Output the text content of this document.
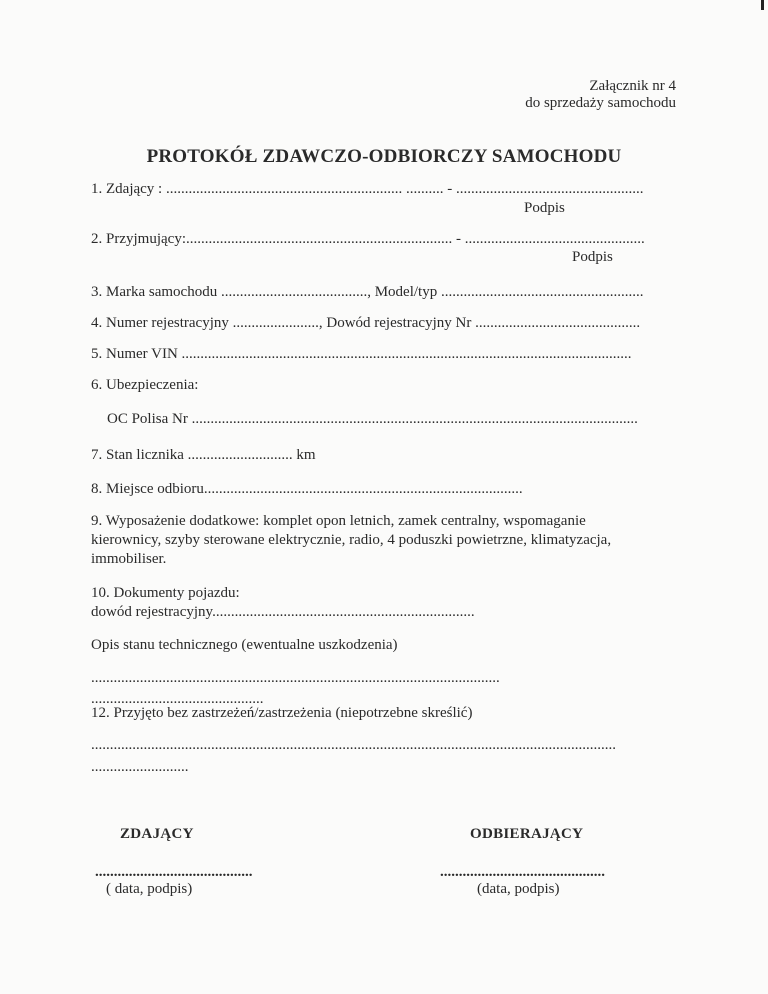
Załącznik nr 4
do sprzedaży samochodu
PROTOKÓŁ ZDAWCZO-ODBIORCZY SAMOCHODU
1. Zdający : ............................................................... .......... - ..................................................
Podpis
2. Przyjmujący:....................................................................... - ................................................
Podpis
3. Marka samochodu ......................................., Model/typ ......................................................
4. Numer rejestracyjny ......................., Dowód rejestracyjny Nr ............................................
5. Numer VIN ........................................................................................................................
6. Ubezpieczenia:
OC Polisa Nr .......................................................................................................................
7. Stan licznika ............................ km
8. Miejsce odbioru.....................................................................................
9. Wyposażenie dodatkowe: komplet opon letnich, zamek centralny, wspomaganie
kierownicy, szyby sterowane elektrycznie, radio, 4 poduszki powietrzne, klimatyzacja,
immobiliser.
10. Dokumenty pojazdu:
dowód rejestracyjny......................................................................
Opis stanu technicznego (ewentualne uszkodzenia)
.............................................................................................................
..............................................
12. Przyjęto bez zastrzeżeń/zastrzeżenia (niepotrzebne skreślić)
............................................................................................................................................
..........................
ZDAJĄCY	ODBIERAJĄCY
..........................................	............................................
( data, podpis)	(data, podpis)
